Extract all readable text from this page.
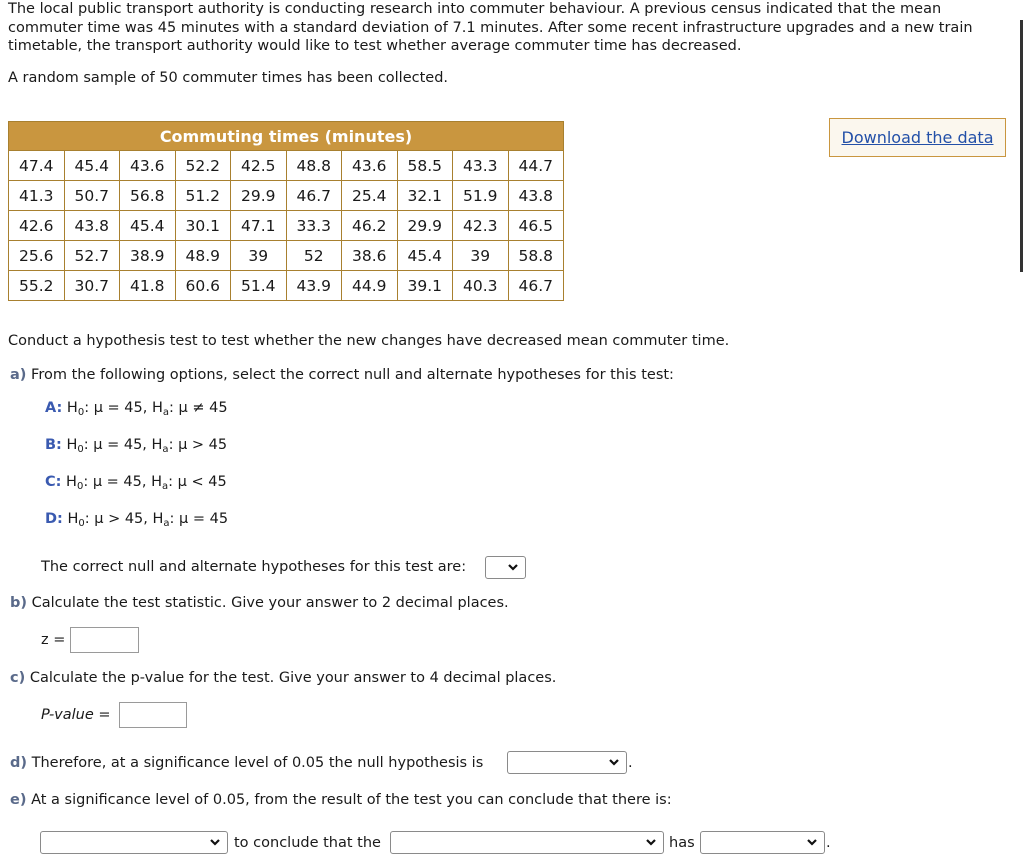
The local public transport authority is conducting research into commuter behaviour. A previous census indicated that the mean commuter time was 45 minutes with a standard deviation of 7.1 minutes. After some recent infrastructure upgrades and a new train timetable, the transport authority would like to test whether average commuter time has decreased.

A random sample of 50 commuter times has been collected.

Commuting times (minutes)									
47.4	45.4	43.6	52.2	42.5	48.8	43.6	58.5	43.3	44.7
41.3	50.7	56.8	51.2	29.9	46.7	25.4	32.1	51.9	43.8
42.6	43.8	45.4	30.1	47.1	33.3	46.2	29.9	42.3	46.5
25.6	52.7	38.9	48.9	39	52	38.6	45.4	39	58.8
55.2	30.7	41.8	60.6	51.4	43.9	44.9	39.1	40.3	46.7
Download the data

Conduct a hypothesis test to test whether the new changes have decreased mean commuter time.

a) From the following options, select the correct null and alternate hypotheses for this test:

A: $H_0$: μ = 45, $H_a$: μ ≠ 45

B: $H_0$: μ = 45, $H_a$: μ > 45

C: $H_0$: μ = 45, $H_a$: μ < 45

D: $H_0$: μ > 45, $H_a$: μ = 45

The correct null and alternate hypotheses for this test are:

b) Calculate the test statistic. Give your answer to 2 decimal places.

z =

c) Calculate the p-value for the test. Give your answer to 4 decimal places.

P-value =

d) Therefore, at a significance level of 0.05 the null hypothesis is	.

e) At a significance level of 0.05, from the result of the test you can conclude that there is:

to conclude that the	has	.
